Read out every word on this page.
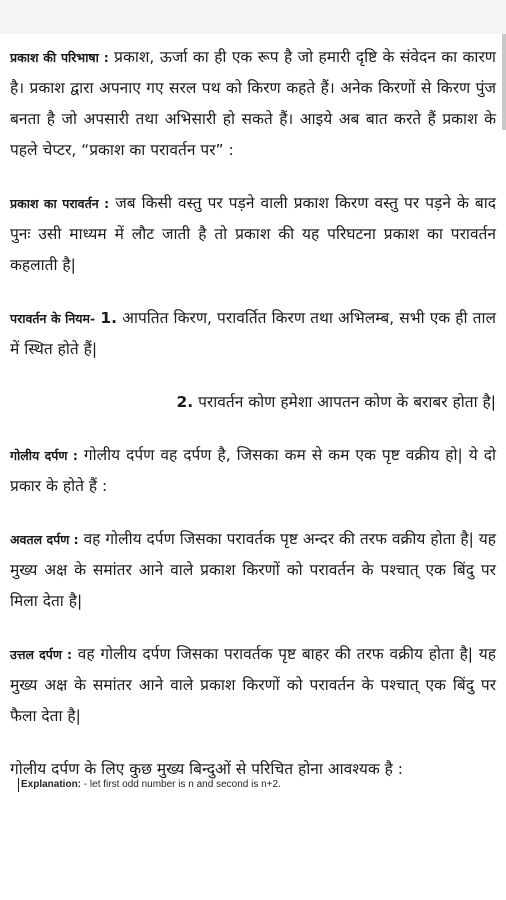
प्रकाश की परिभाषा : प्रकाश, ऊर्जा का ही एक रूप है जो हमारी दृष्टि के संवेदन का कारण है। प्रकाश द्वारा अपनाए गए सरल पथ को किरण कहते हैं। अनेक किरणों से किरण पुंज बनता है जो अपसारी तथा अभिसारी हो सकते हैं। आइये अब बात करते हैं प्रकाश के पहले चेप्टर, “प्रकाश का परावर्तन पर” :

प्रकाश का परावर्तन : जब किसी वस्तु पर पड़ने वाली प्रकाश किरण वस्तु पर पड़ने के बाद पुनः उसी माध्यम में लौट जाती है तो प्रकाश की यह परिघटना प्रकाश का परावर्तन कहलाती है|

परावर्तन के नियम- 1. आपतित किरण, परावर्तित किरण तथा अभिलम्ब, सभी एक ही ताल में स्थित होते हैं|

2. परावर्तन कोण हमेशा आपतन कोण के बराबर होता है|

गोलीय दर्पण : गोलीय दर्पण वह दर्पण है, जिसका कम से कम एक पृष्ट वक्रीय हो| ये दो प्रकार के होते हैं :

अवतल दर्पण : वह गोलीय दर्पण जिसका परावर्तक पृष्ट अन्दर की तरफ वक्रीय होता है| यह मुख्य अक्ष के समांतर आने वाले प्रकाश किरणों को परावर्तन के पश्चात् एक बिंदु पर मिला देता है|

उत्तल दर्पण : वह गोलीय दर्पण जिसका परावर्तक पृष्ट बाहर की तरफ वक्रीय होता है| यह मुख्य अक्ष के समांतर आने वाले प्रकाश किरणों को परावर्तन के पश्चात् एक बिंदु पर फैला देता है|

गोलीय दर्पण के लिए कुछ मुख्य बिन्दुओं से परिचित होना आवश्यक है :

Explanation: - let first odd number is n and second is n+2.
